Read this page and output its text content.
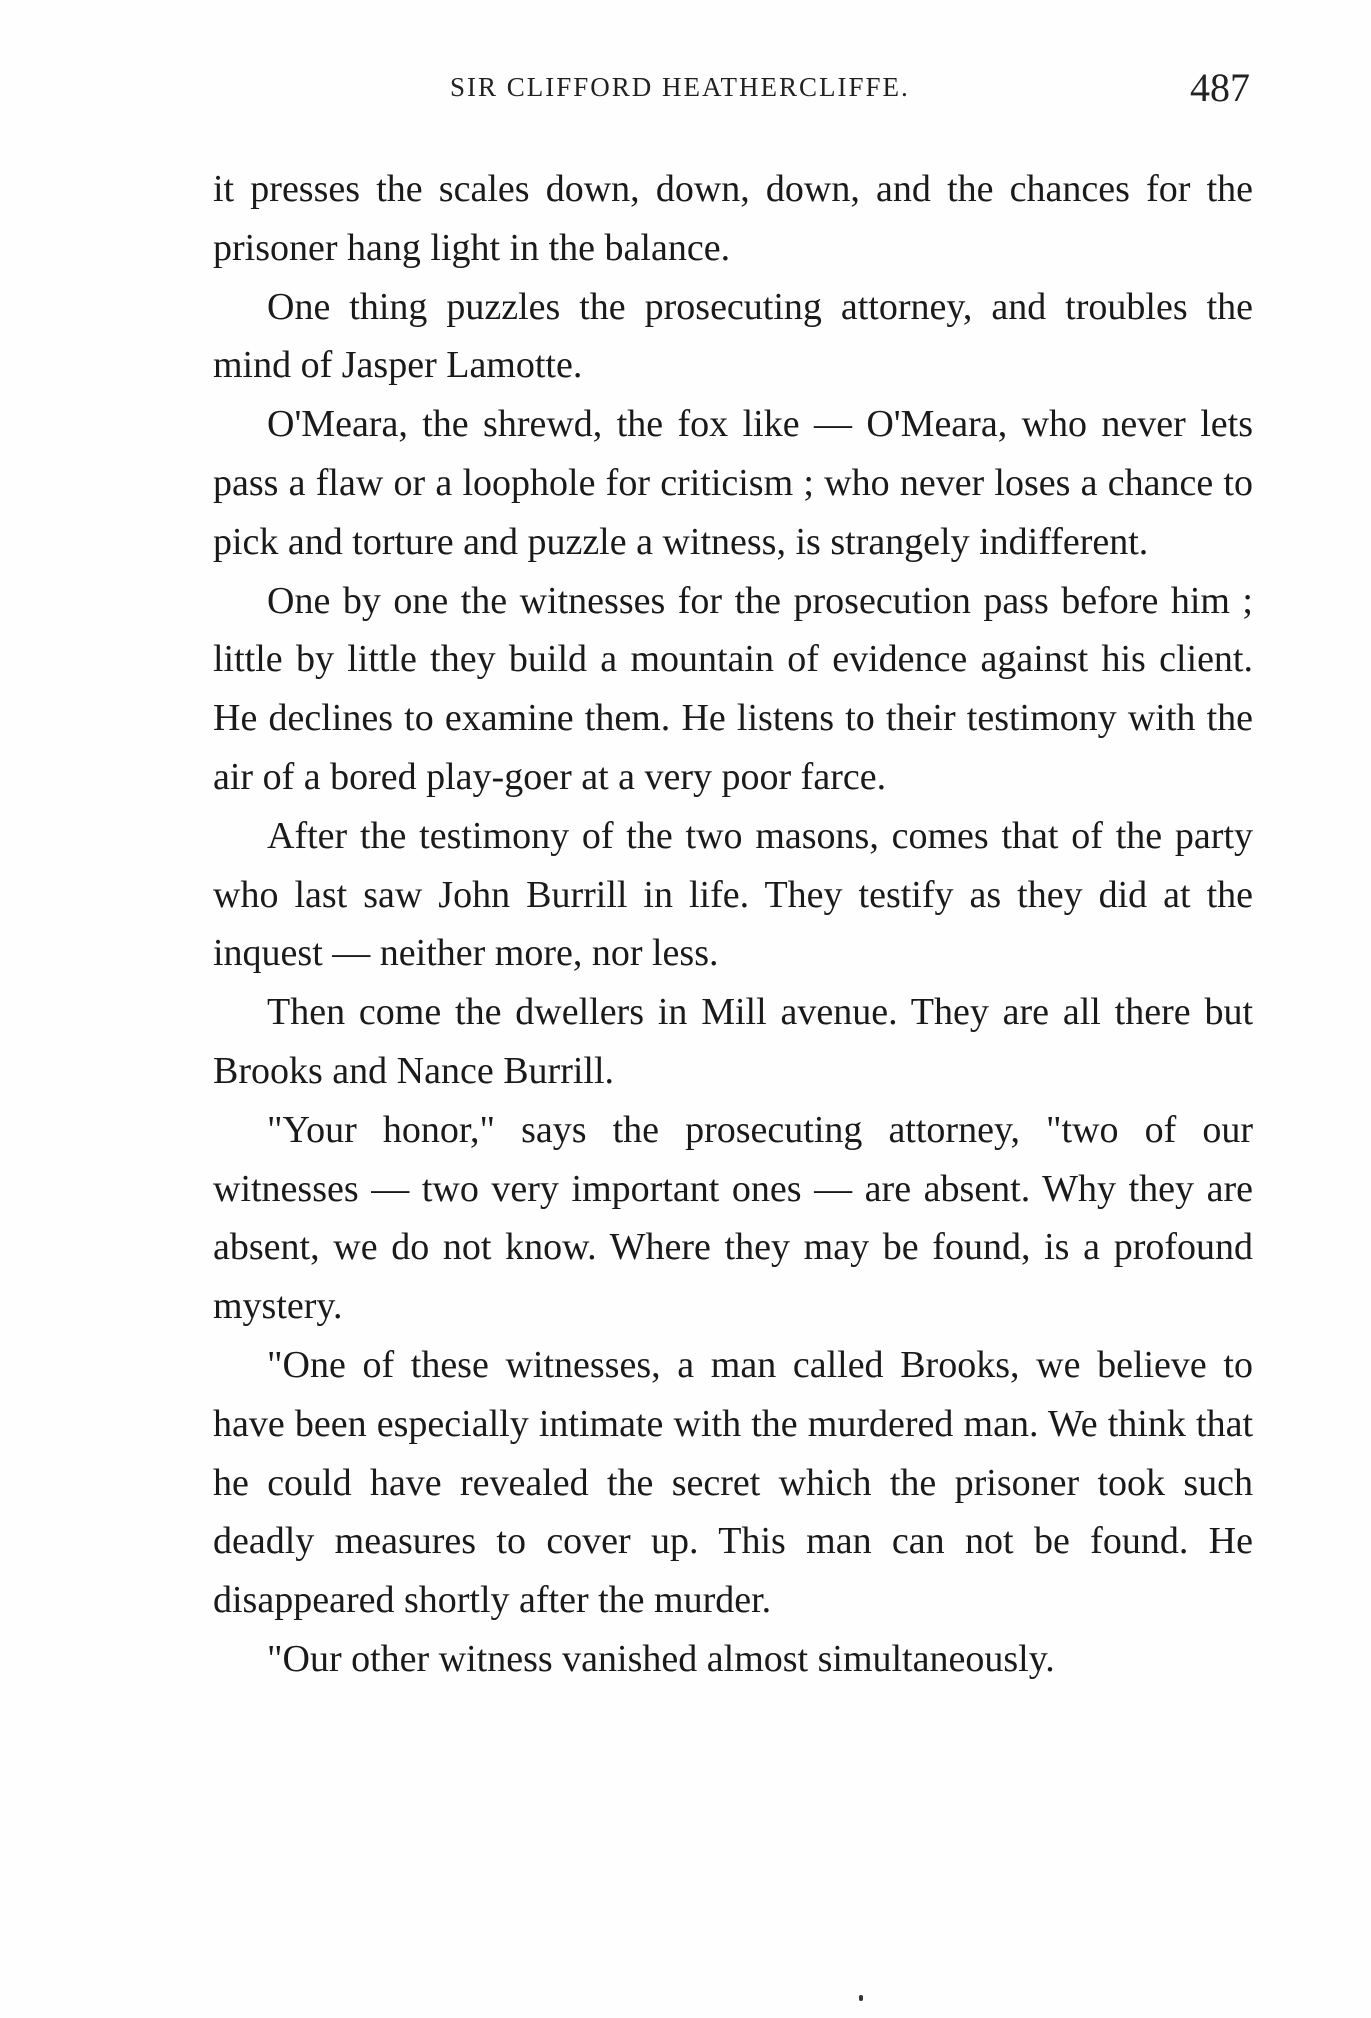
SIR CLIFFORD HEATHERCLIFFE.	487

it presses the scales down, down, down, and the chances for the prisoner hang light in the balance.

One thing puzzles the prosecuting attorney, and troubles the mind of Jasper Lamotte.

O'Meara, the shrewd, the fox like — O'Meara, who never lets pass a flaw or a loophole for criticism ; who never loses a chance to pick and torture and puzzle a witness, is strangely indifferent.

One by one the witnesses for the prosecution pass before him ; little by little they build a mountain of evidence against his client. He declines to examine them. He listens to their testimony with the air of a bored play-goer at a very poor farce.

After the testimony of the two masons, comes that of the party who last saw John Burrill in life. They testify as they did at the inquest — neither more, nor less.

Then come the dwellers in Mill avenue. They are all there but Brooks and Nance Burrill.

"Your honor," says the prosecuting attorney, "two of our witnesses — two very important ones — are absent. Why they are absent, we do not know. Where they may be found, is a profound mystery.

"One of these witnesses, a man called Brooks, we believe to have been especially intimate with the murdered man. We think that he could have revealed the secret which the prisoner took such deadly measures to cover up. This man can not be found. He disappeared shortly after the murder.

"Our other witness vanished almost simultaneously.
